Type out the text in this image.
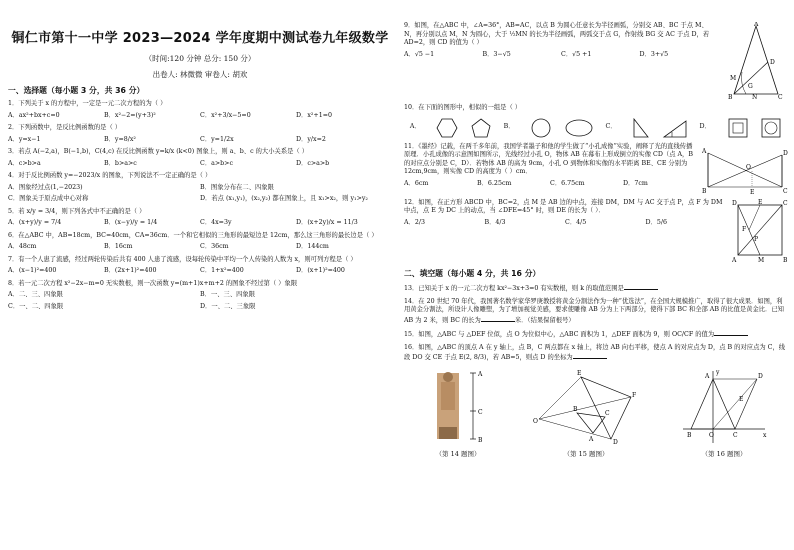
铜仁市第十一中学 2023—2024 学年度期中测试卷九年级数学
（时间:120 分钟 总分: 150 分）
出卷人: 林微微 审卷人: 胡欢
一、选择题（每小题 3 分，共 36 分）
1．下列关于 x 的方程中，一定是一元二次方程的为（ ）
A．ax²+bx+c=0	B．x²−2=(y+3)²	C．x²+3/x−5=0	D．x²+1=0
2．下列函数中，是反比例函数的是（ ）
A．y=x−1	B．y=8/x²	C．y=1/2x	D．y/x=2
3．若点 A(−2,a)，B(−1,b)，C(4,c) 在反比例函数 y=k/x (k<0) 图象上，则 a、b、c 的大小关系是（ ）
A．c>b>a	B．b>a>c	C．a>b>c	D．c>a>b
4．对于反比例函数 y=−2023/x 的图象，下列说法不一定正确的是（ ）
A．图象经过点(1,−2023)	B．图象分布在二、四象限
C．图象关于原点成中心对称	D．若点 (x₁,y₁)，(x₂,y₂) 都在图象上，且 x₁>x₂，则 y₁>y₂
5．若 x/y = 3/4，则下列各式中不正确的是（ ）
A．(x+y)/y = 7/4	B．(x−y)/y = 1/4	C．4x=3y	D．(x+2y)/x = 11/3
6．在△ABC 中，AB=18cm，BC=40cm，CA=36cm．一个和它相似的三角形的最短边是 12cm，那么这三角形的最长边是（ ）
A．48cm	B．16cm	C．36cm	D．144cm
7．有一个人患了流感，经过两轮传染后共有 400 人患了流感，设每轮传染中平均一个人传染的人数为 x，则可列方程是（ ）
A．(x−1)²=400	B．(2x+1)²=400	C．1+x²=400	D．(x+1)²=400
8．若一元二次方程 x²−2x−m=0 无实数根，则一次函数 y=(m+1)x+m+2 的图象不经过第（ ）象限
A．二、三、四象限	B．一、三、四象限
C．一、二、四象限	D．一、二、三象限
9．如图，在△ABC 中，∠A=36°，AB=AC，以点 B 为圆心任意长为半径画弧，分别交 AB、BC 于点 M、N，再分别以点 M，N 为圆心，大于 ½MN 的长为半径画弧，两弧交于点 G，作射线 BG 交 AC 于点 D，若 AD=2，则 CD 的值为（ ）
A．√5 −1	B．3−√5	C．√5 +1	D．3+√5
A
M
D
G
B	N	C
10．在下面的图形中，相似的一组是（ ）
A．	B．	C．	D．
11．《墨经》记载，在两千多年前，我国学者墨子和他的学生做了“小孔成像”实验，阐释了光的直线传播原理．小孔成像的示意图如图所示，光线经过小孔 O，物体 AB 在幕布上形成倒立的实像 CD（点 A，B 的对应点分别是 C，D）．若物体 AB 的高为 9cm，小孔 O 到物体和实像的水平距离 BE、CE 分别为 12cm,9cm，则实像 CD 的高度为（ ）cm．
A．6cm	B．6.25cm	C．6.75cm	D．7cm
A
B
O
E	C
D
12．如图，在正方形 ABCD 中，BC=2，点 M 是 AB 边的中点，连接 DM，DM 与 AC 交于点 P，点 F 为 DM 中点，点 E 为 DC 上的动点，当 ∠DFE=45° 时，则 DE 的长为（ ）．
A．2/3	B．4/3	C．4/5	D．5/6
D	E	C
F
P
A	M	B
二、填空题（每小题 4 分，共 16 分）
13．已知关于 x 的一元二次方程 kx²−3x+3=0 有实数根，则 k 的取值范围是
14．在 20 世纪 70 年代，我国著名数学家华罗庚教授将黄金分割法作为一种“优选法”，在全国大规模推广，取得了很大成果．如图，利用黄金分割法，所设计人像雕塑，为了增加视觉美感，要求使雕像 AB 分为上下两部分，使得下部 BC 和全部 AB 的比值是黄金比．已知 AB 为 2 米，则 BC 的长为	米．（结果保留根号）
15．如图，△ABC 与 △DEF 位似，点 O 为位似中心，△ABC 面积为 1，△DEF 面积为 9，则 OC/CF 的值为
16．如图，△ABC 的顶点 A 在 y 轴上，点 B，C 两点都在 x 轴上，将边 AB 向右平移，使点 A 的对应点为 D，点 B 的对应点为 C，线段 DO 交 CE 于点 E(2, 8/3)，若 AB=5，则点 D 的坐标为
A
C
B
（第 14 题图）
E
B
O
A
C
F
D
（第 15 题图）
y
A	D
E
B	O	C	x
（第 16 题图）
